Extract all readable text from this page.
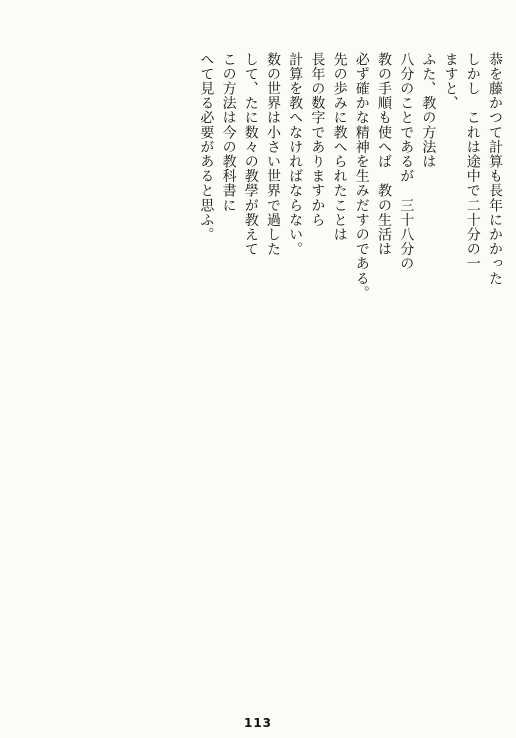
恭を藤かつて計算も長年にかかった
しかし　これは途中で二十分の一
ますと、
ふた、教の方法は
八分のことであるが　三十八分の
教の手順も使へば　教の生活は
必ず確かな精神を生みだすのである。
先の歩みに教へられたことは
長年の数字でありますから
計算を教へなければならない。
数の世界は小さい世界で過した
して、たに数々の教學が教えて
この方法は今の教科書に
へて見る必要があると思ふ。
113
